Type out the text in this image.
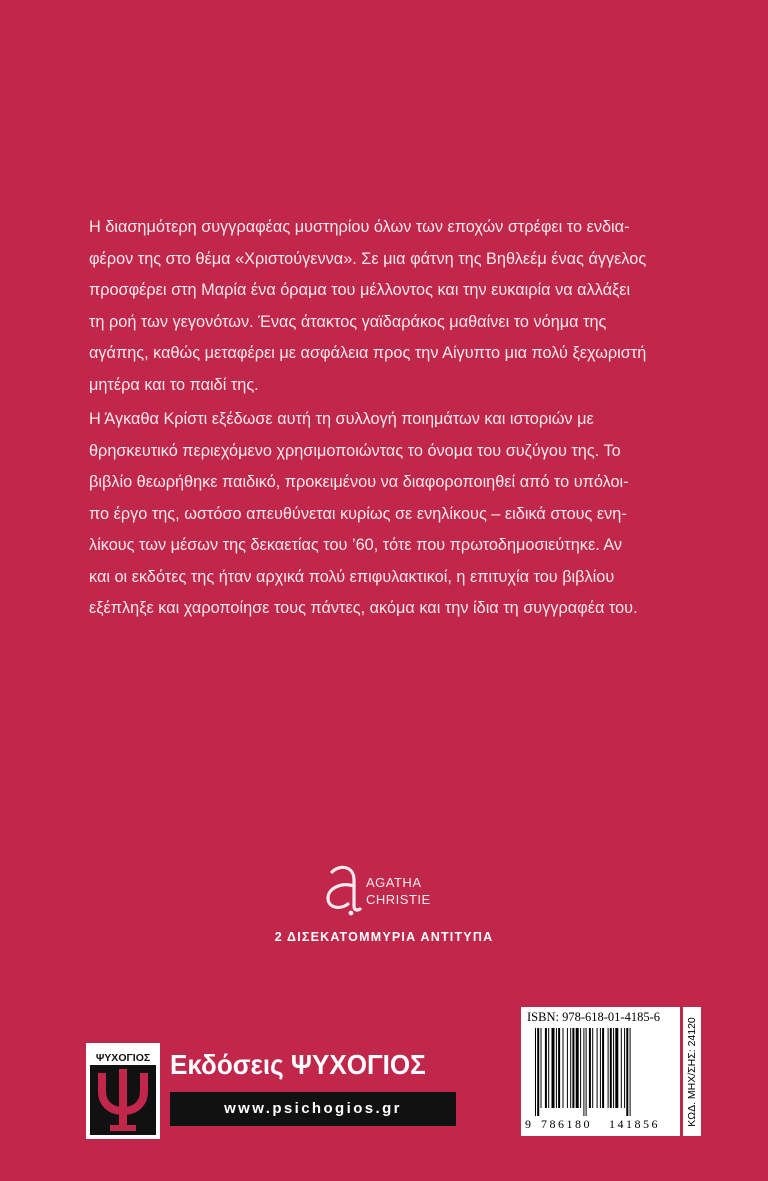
Η διασημότερη συγγραφέας μυστηρίου όλων των εποχών στρέφει το ενδια-
φέρον της στο θέμα «Χριστούγεννα». Σε μια φάτνη της Βηθλεέμ ένας άγγελος
προσφέρει στη Μαρία ένα όραμα του μέλλοντος και την ευκαιρία να αλλάξει
τη ροή των γεγονότων. Ένας άτακτος γαϊδαράκος μαθαίνει το νόημα της
αγάπης, καθώς μεταφέρει με ασφάλεια προς την Αίγυπτο μια πολύ ξεχωριστή
μητέρα και το παιδί της.

Η Άγκαθα Κρίστι εξέδωσε αυτή τη συλλογή ποιημάτων και ιστοριών με
θρησκευτικό περιεχόμενο χρησιμοποιώντας το όνομα του συζύγου της. Το
βιβλίο θεωρήθηκε παιδικό, προκειμένου να διαφοροποιηθεί από το υπόλοι-
πο έργο της, ωστόσο απευθύνεται κυρίως σε ενηλίκους – ειδικά στους ενη-
λίκους των μέσων της δεκαετίας του ’60, τότε που πρωτοδημοσιεύτηκε. Αν
και οι εκδότες της ήταν αρχικά πολύ επιφυλακτικοί, η επιτυχία του βιβλίου
εξέπληξε και χαροποίησε τους πάντες, ακόμα και την ίδια τη συγγραφέα του.

AGATHA
CHRISTIE
2 ΔΙΣΕΚΑΤΟΜΜΥΡΙΑ ΑΝΤΙΤΥΠΑ
ΨΥΧΟΓΙΟΣ Εκδόσεις ΨΥΧΟΓΙΟΣ
www.psichogios.gr
ISBN: 978-618-01-4185-6
9 786180 141856 ΚΩΔ. ΜΗΧ/ΣΗΣ: 24120
